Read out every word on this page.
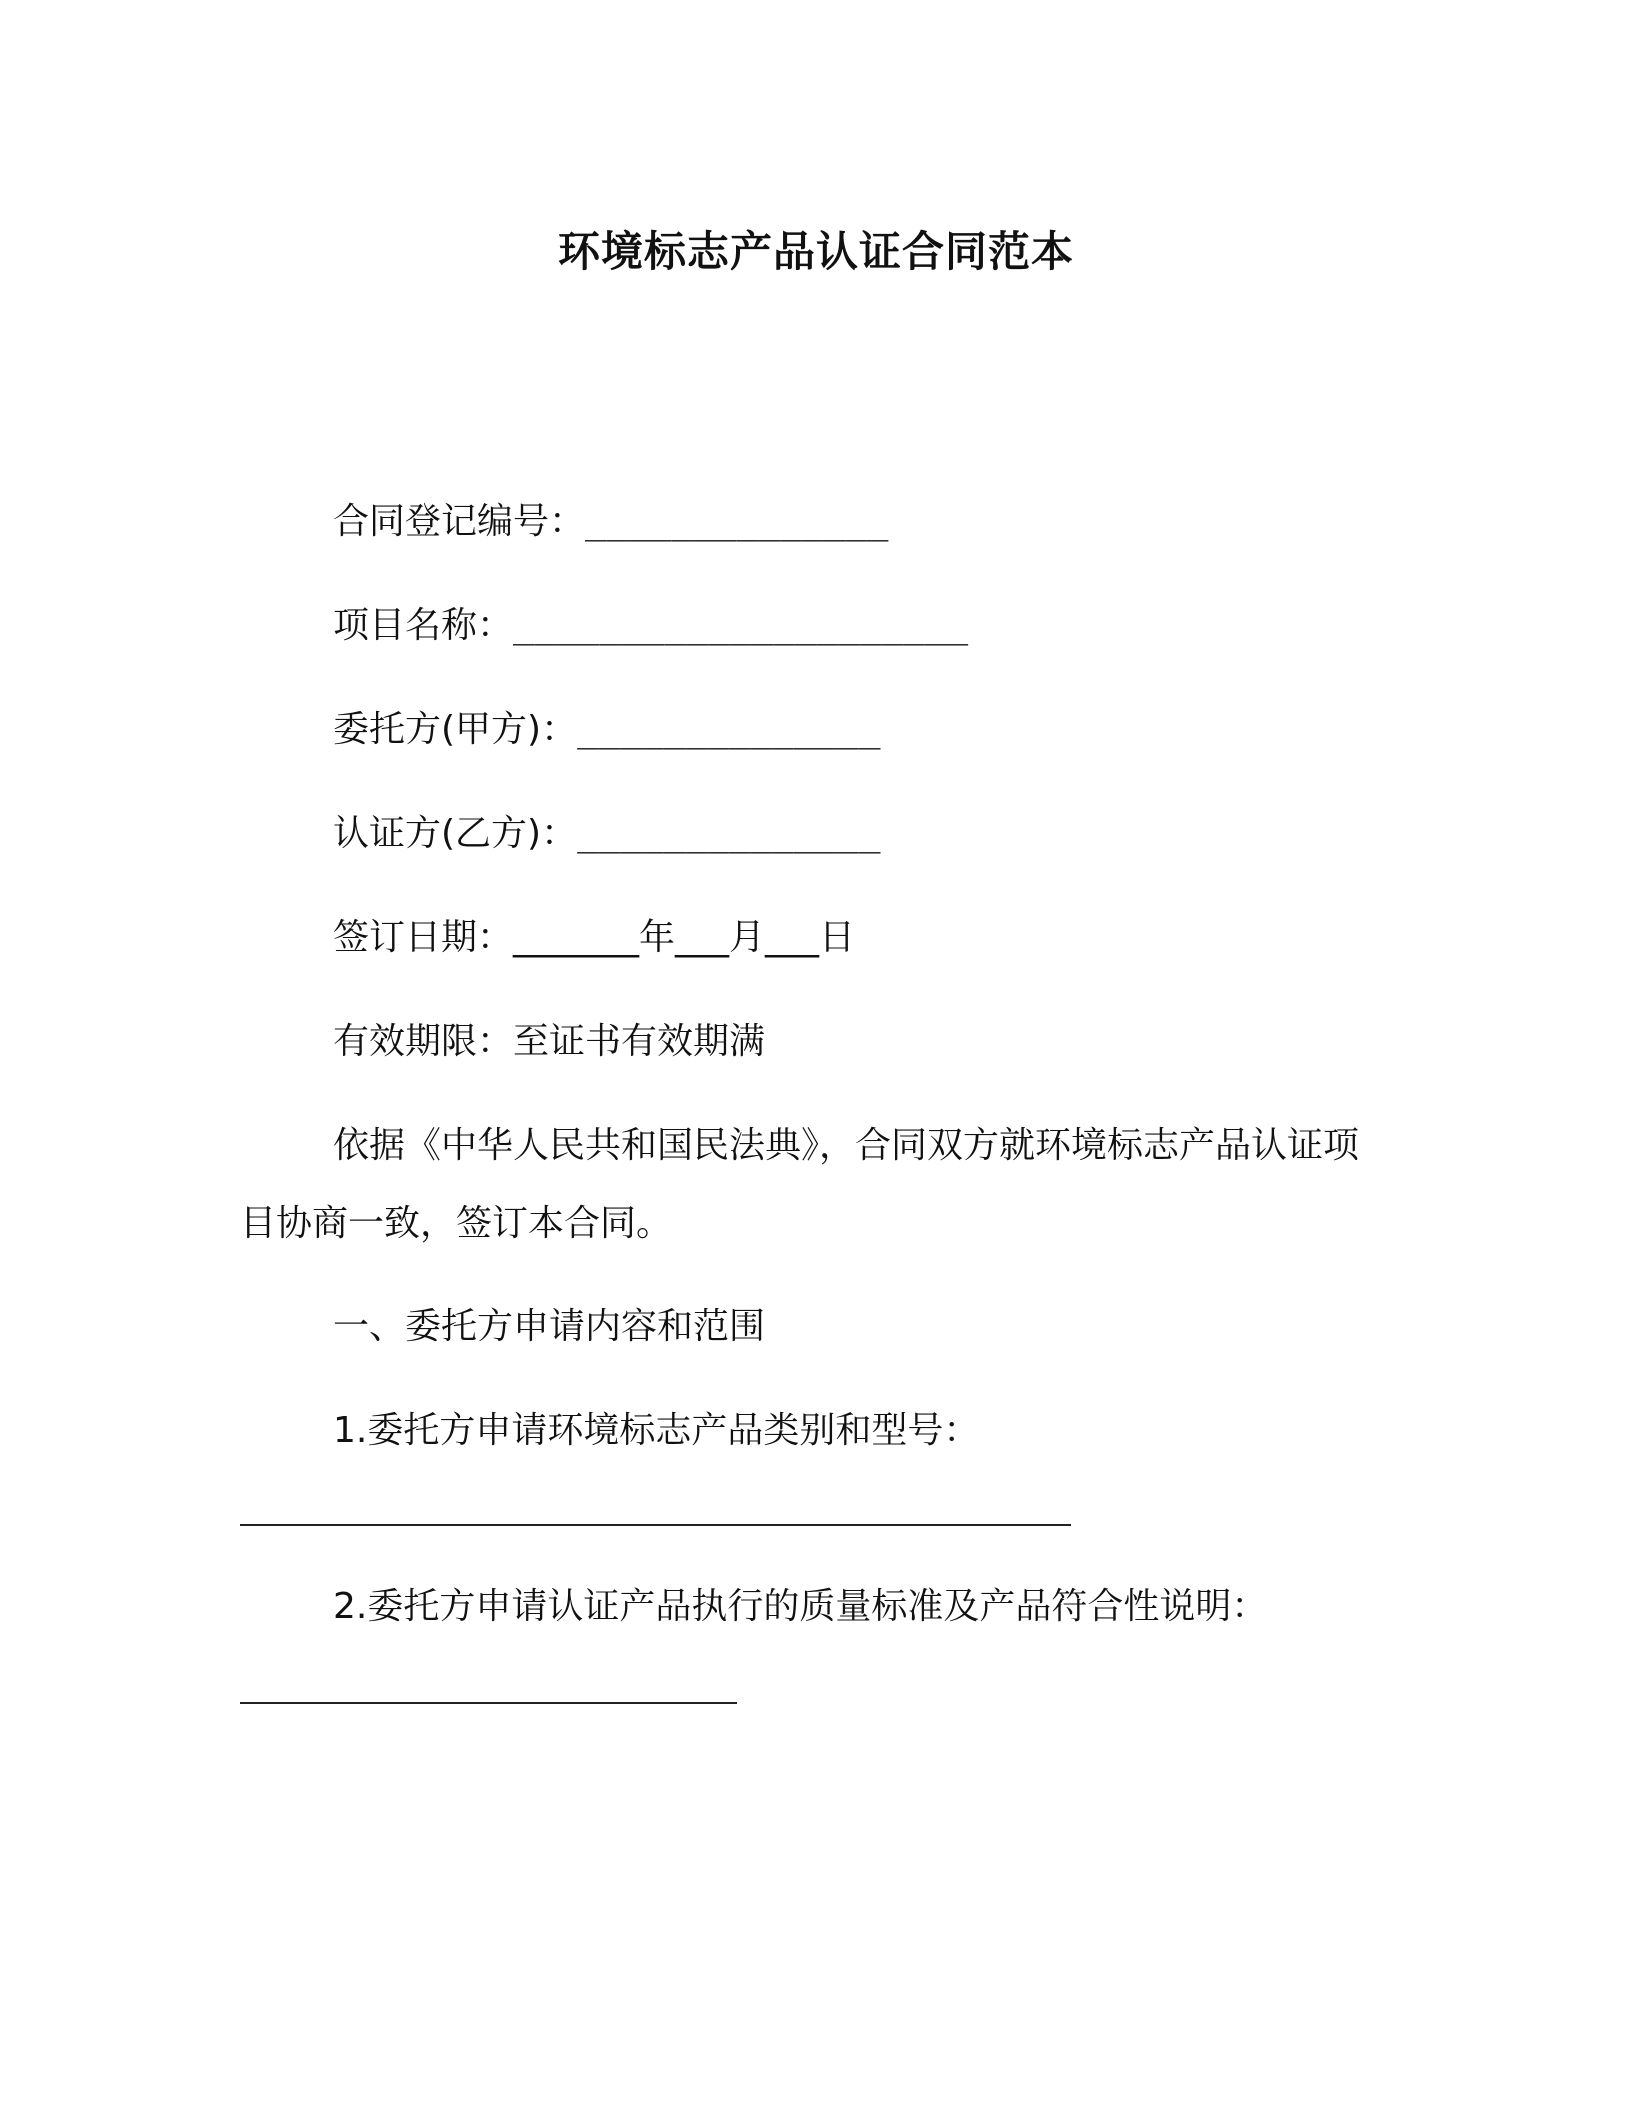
环境标志产品认证合同范本
合同登记编号：______________
项目名称：_____________________
委托方(甲方)：______________
认证方(乙方)：______________
签订日期：_______年___月___日
有效期限：至证书有效期满
依据《中华人民共和国民法典》，合同双方就环境标志产品认证项目协商一致，签订本合同。
一、委托方申请内容和范围
1.委托方申请环境标志产品类别和型号：
2.委托方申请认证产品执行的质量标准及产品符合性说明：
